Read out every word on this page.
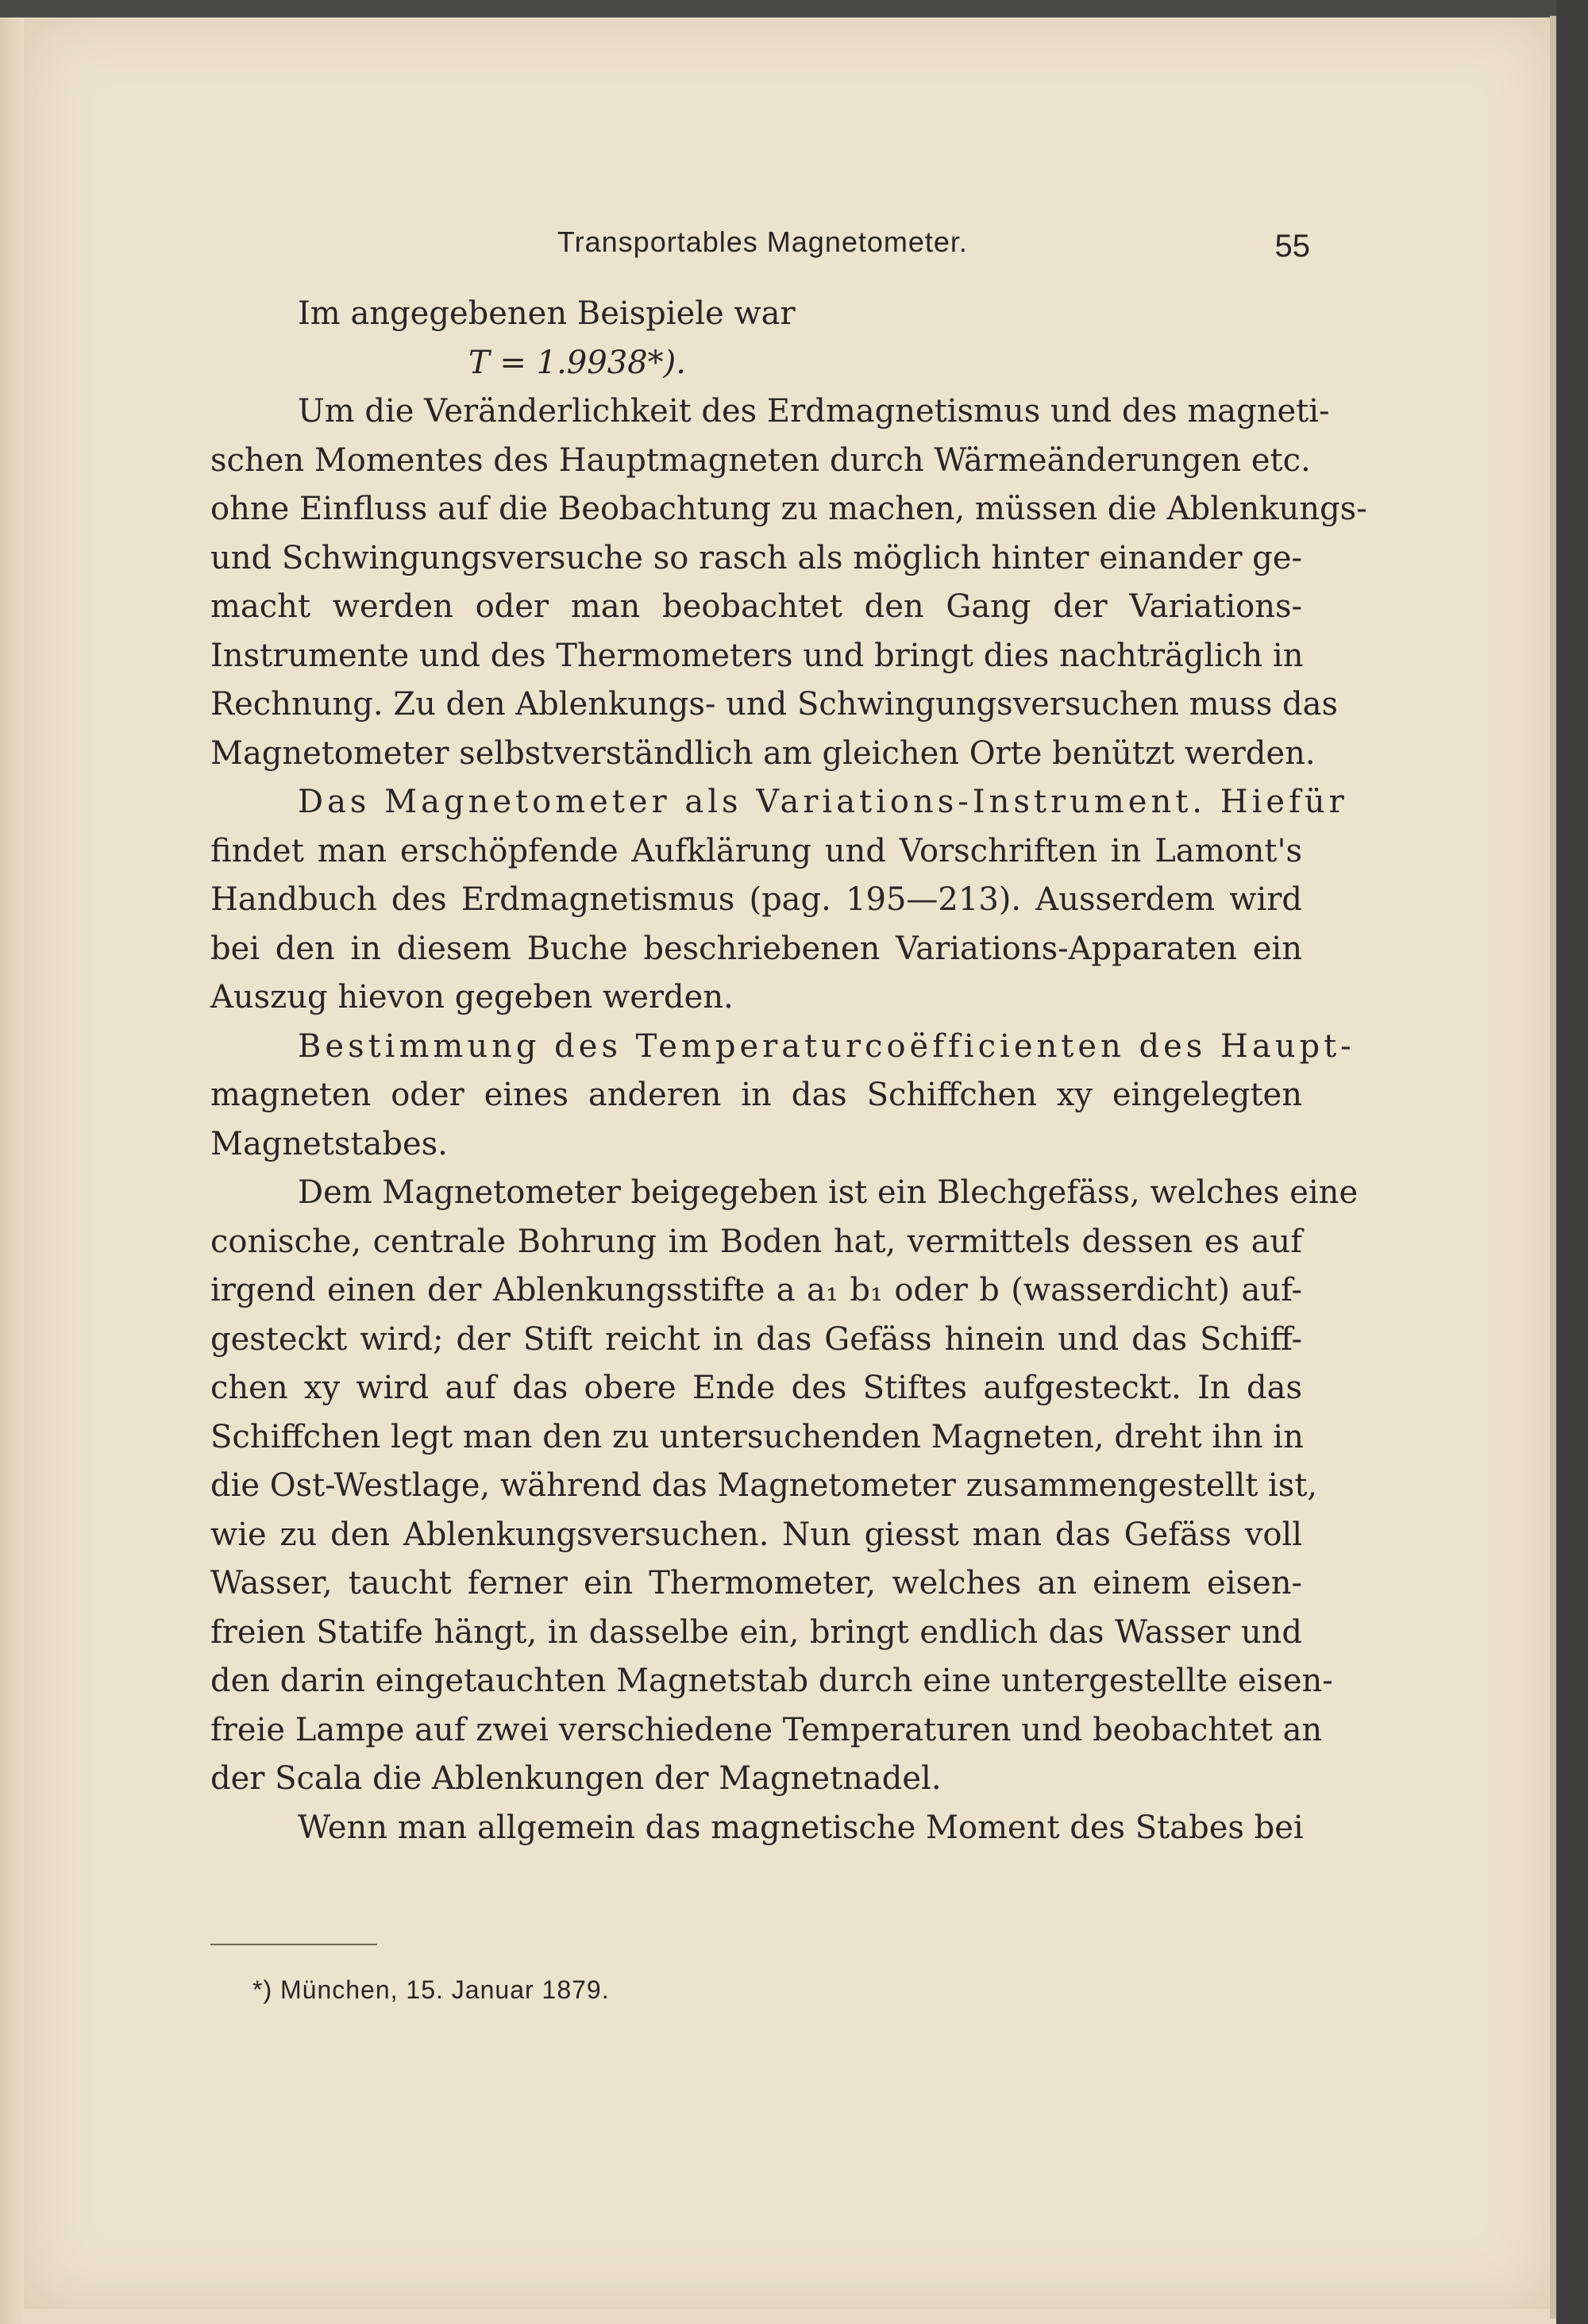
Transportables Magnetometer.	55
Im angegebenen Beispiele war
T = 1.9938*).
Um die Veränderlichkeit des Erdmagnetismus und des magneti-
schen Momentes des Hauptmagneten durch Wärmeänderungen etc.
ohne Einfluss auf die Beobachtung zu machen, müssen die Ablenkungs-
und Schwingungsversuche so rasch als möglich hinter einander ge-
macht werden oder man beobachtet den Gang der Variations-
Instrumente und des Thermometers und bringt dies nachträglich in
Rechnung. Zu den Ablenkungs- und Schwingungsversuchen muss das
Magnetometer selbstverständlich am gleichen Orte benützt werden.
Das Magnetometer als Variations-Instrument. Hiefür
findet man erschöpfende Aufklärung und Vorschriften in Lamont's
Handbuch des Erdmagnetismus (pag. 195—213). Ausserdem wird
bei den in diesem Buche beschriebenen Variations-Apparaten ein
Auszug hievon gegeben werden.
Bestimmung des Temperaturcoëfficienten des Haupt-
magneten oder eines anderen in das Schiffchen xy eingelegten
Magnetstabes.
Dem Magnetometer beigegeben ist ein Blechgefäss, welches eine
conische, centrale Bohrung im Boden hat, vermittels dessen es auf
irgend einen der Ablenkungsstifte a a₁ b₁ oder b (wasserdicht) auf-
gesteckt wird; der Stift reicht in das Gefäss hinein und das Schiff-
chen xy wird auf das obere Ende des Stiftes aufgesteckt. In das
Schiffchen legt man den zu untersuchenden Magneten, dreht ihn in
die Ost-Westlage, während das Magnetometer zusammengestellt ist,
wie zu den Ablenkungsversuchen. Nun giesst man das Gefäss voll
Wasser, taucht ferner ein Thermometer, welches an einem eisen-
freien Statife hängt, in dasselbe ein, bringt endlich das Wasser und
den darin eingetauchten Magnetstab durch eine untergestellte eisen-
freie Lampe auf zwei verschiedene Temperaturen und beobachtet an
der Scala die Ablenkungen der Magnetnadel.
Wenn man allgemein das magnetische Moment des Stabes bei
*) München, 15. Januar 1879.
